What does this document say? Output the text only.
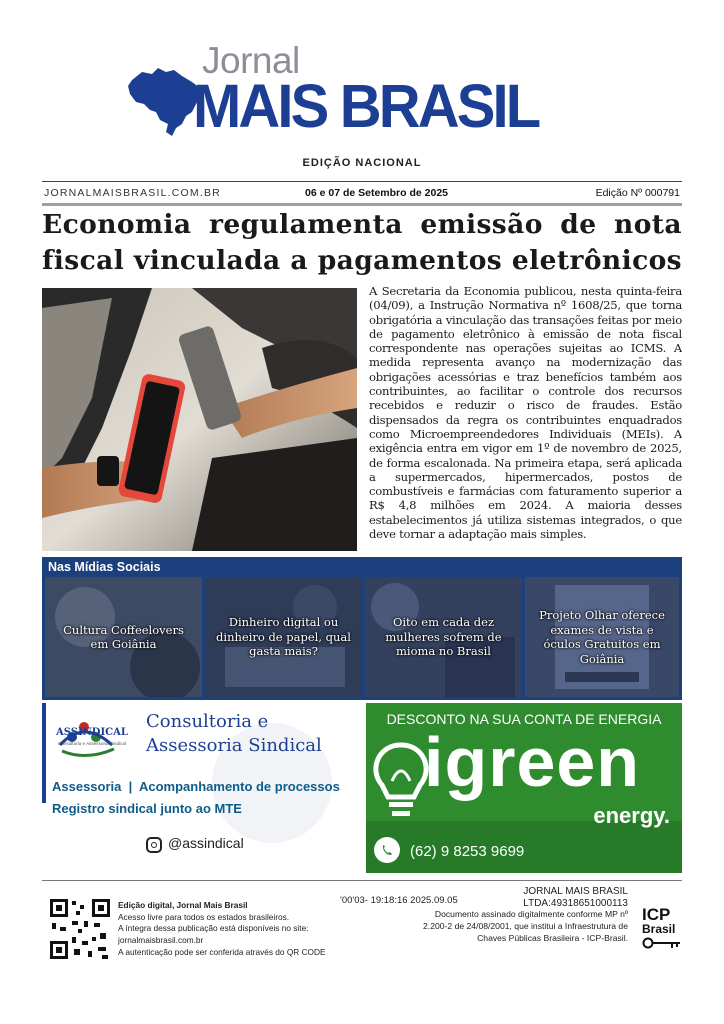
Jornal
MAIS BRASIL
EDIÇÃO NACIONAL
JORNALMAISBRASIL.COM.BR	06 e 07 de Setembro de 2025	Edição Nº 000791
Economia regulamenta emissão de nota fiscal vinculada a pagamentos eletrônicos
A Secretaria da Economia publicou, nesta quinta-feira (04/09), a Instrução Normativa nº 1608/25, que torna obrigatória a vinculação das transações feitas por meio de pagamento eletrônico à emissão de nota fiscal correspondente nas operações sujeitas ao ICMS. A medida representa avanço na modernização das obrigações acessórias e traz benefícios também aos contribuintes, ao facilitar o controle dos recursos recebidos e reduzir o risco de fraudes. Estão dispensados da regra os contribuintes enquadrados como Microempreendedores Individuais (MEIs). A exigência entra em vigor em 1º de novembro de 2025, de forma escalonada. Na primeira etapa, será aplicada a supermercados, hipermercados, postos de combustíveis e farmácias com faturamento superior a R$ 4,8 milhões em 2024. A maioria desses estabelecimentos já utiliza sistemas integrados, o que deve tornar a adaptação mais simples.
Nas Mídias Sociais
Cultura Coffeelovers em Goiânia
Dinheiro digital ou dinheiro de papel, qual gasta mais?
Oito em cada dez mulheres sofrem de mioma no Brasil
Projeto Olhar oferece exames de vista e óculos Gratuitos em Goiânia
ASSINDICAL
Consultoria e Assessoria Sindical
Consultoria e
Assessoria Sindical
Assessoria  |  Acompanhamento de processos
Registro sindical junto ao MTE
@assindical
DESCONTO NA SUA CONTA DE ENERGIA
igreen
energy.
(62) 9 8253 9699
Edição digital, Jornal Mais Brasil
Acesso livre para todos os estados brasileiros.
A íntegra dessa publicação está disponíveis no site:
jornalmaisbrasil.com.br
A autenticação pode ser conferida através do QR CODE
'00'03- 19:18:16 2025.09.05
JORNAL MAIS BRASIL
LTDA:49318651000113
Documento assinado digitalmente conforme MP nº
2.200-2 de 24/08/2001, que institui a Infraestrutura de
Chaves Públicas Brasileira - ICP-Brasil.
ICP
Brasil
